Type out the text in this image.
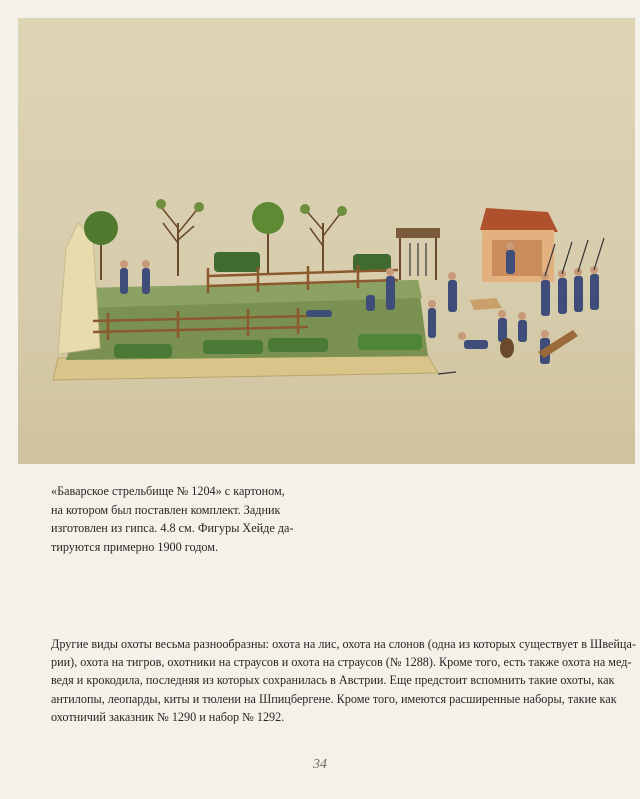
«Баварское стрельбище № 1204» с картоном,
на котором был поставлен комплект. Задник
изготовлен из гипса. 4.8 см. Фигуры Хейде да-
тируются примерно 1900 годом.

Другие виды охоты весьма разнообразны: охота на лис, охота на слонов (одна из которых существует в Швейца-
рии), охота на тигров, охотники на страусов и охота на страусов (№ 1288). Кроме того, есть также охота на мед-
ведя и крокодила, последняя из которых сохранилась в Австрии. Еще предстоит вспомнить такие охоты, как
антилопы, леопарды, киты и тюлени на Шпицбергене. Кроме того, имеются расширенные наборы, такие как
охотничий заказник № 1290 и набор № 1292.

34
